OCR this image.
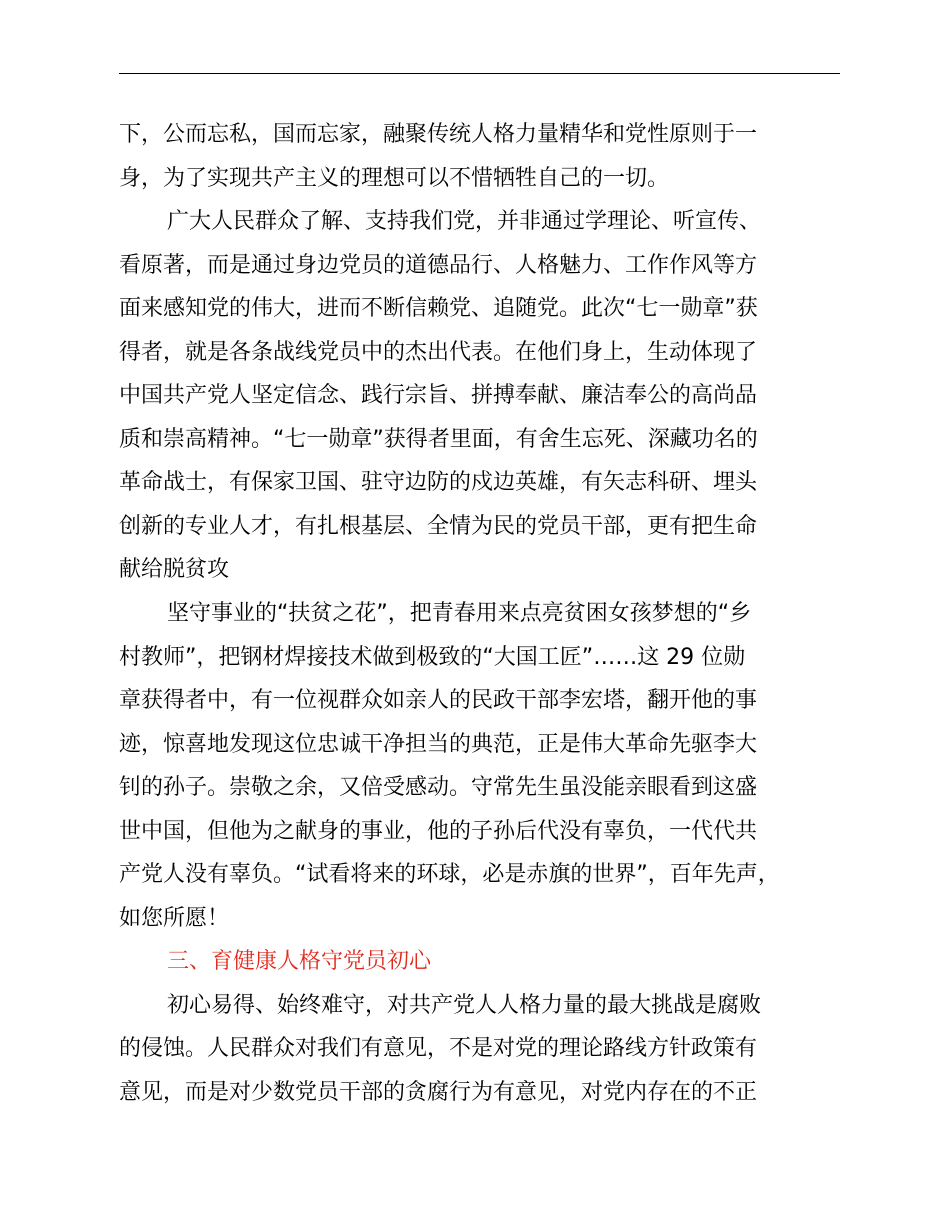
下，公而忘私，国而忘家，融聚传统人格力量精华和党性原则于一
身，为了实现共产主义的理想可以不惜牺牲自己的一切。
广大人民群众了解、支持我们党，并非通过学理论、听宣传、
看原著，而是通过身边党员的道德品行、人格魅力、工作作风等方
面来感知党的伟大，进而不断信赖党、追随党。此次“七一勋章”获
得者，就是各条战线党员中的杰出代表。在他们身上，生动体现了
中国共产党人坚定信念、践行宗旨、拼搏奉献、廉洁奉公的高尚品
质和崇高精神。“七一勋章”获得者里面，有舍生忘死、深藏功名的
革命战士，有保家卫国、驻守边防的戍边英雄，有矢志科研、埋头
创新的专业人才，有扎根基层、全情为民的党员干部，更有把生命
献给脱贫攻
坚守事业的“扶贫之花”，把青春用来点亮贫困女孩梦想的“乡
村教师”，把钢材焊接技术做到极致的“大国工匠”……这 29 位勋
章获得者中，有一位视群众如亲人的民政干部李宏塔，翻开他的事
迹，惊喜地发现这位忠诚干净担当的典范，正是伟大革命先驱李大
钊的孙子。崇敬之余，又倍受感动。守常先生虽没能亲眼看到这盛
世中国，但他为之献身的事业，他的子孙后代没有辜负，一代代共
产党人没有辜负。“试看将来的环球，必是赤旗的世界”，百年先声，
如您所愿！
三、育健康人格守党员初心
初心易得、始终难守，对共产党人人格力量的最大挑战是腐败
的侵蚀。人民群众对我们有意见，不是对党的理论路线方针政策有
意见，而是对少数党员干部的贪腐行为有意见，对党内存在的不正
